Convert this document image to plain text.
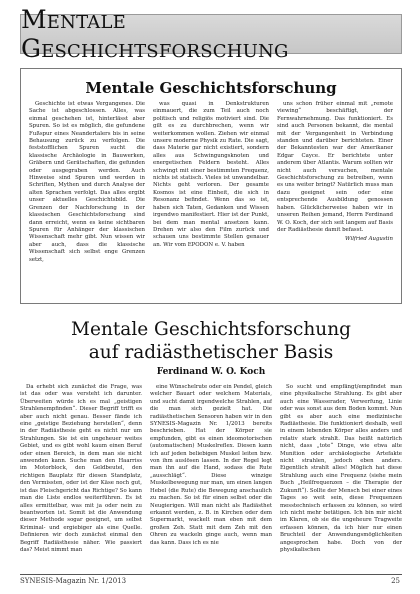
Mentale Geschichtsforschung
Mentale Geschichtsforschung

Geschichte ist etwas Vergangenes. Die Sache ist abgeschlossen. Alles, was einmal geschehen ist, hinterlässt aber Spuren. So ist es möglich, die gefundene Fußspur eines Neandertalers bis in seine Behausung zurück zu verfolgen. Die feststofflichen Spuren sucht die klassische Archäologie in Bauwerken, Gräbern und Gerätschaften, die gefunden oder ausgegraben werden. Auch Hinweise sind Spuren und werden in Schriften, Mythen und durch Analyse der alten Sprachen verfolgt. Das alles ergibt unser aktuelles Geschichtsbild. Die Grenzen der Nachforschung in der klassischen Geschichtsforschung sind dann erreicht, wenn es keine sichtbaren Spuren für Anhänger der klassischen Wissenschaft mehr gibt. Nun wissen wir aber auch, dass die klassische Wissenschaft sich selbst enge Grenzen setzt,

was quasi in Denkstrukturen einmauert, die zum Teil auch noch politisch und religiös motiviert sind. Die gilt es zu durchbrechen, wenn wir weiterkommen wollen. Ziehen wir einmal unsere moderne Physik zu Rate. Die sagt, dass Materie gar nicht existiert, sondern alles aus Schwingungsknoten und energetischen Feldern besteht. Alles schwingt mit einer bestimmten Frequenz, nichts ist statisch. Vieles ist unwandelbar. Nichts geht verloren. Der gesamte Kosmos ist eine Einheit, die sich in Resonanz befindet. Wenn das so ist, haben sich Taten, Gedanken und Wissen irgendwo manifestiert. Hier ist der Punkt, bei dem man mental ansetzen kann. Drehen wir also den Film zurück und schauen uns bestimmte Stellen genauer an. Wir vom EPODON e. V. haben

uns schon früher einmal mit „remote viewing“ beschäftigt, der Fernwahrnehmung. Das funktioniert. Es sind auch Personen bekannt, die mental mit der Vergangenheit in Verbindung standen und darüber berichteten. Einer der Bekanntesten war der Amerikaner Edgar Cayce. Er berichtete unter anderem über Atlantis. Warum sollten wir nicht auch versuchen, mentale Geschichtsforschung zu betreiben, wenn es uns weiter bringt? Natürlich muss man dazu geeignet sein oder eine entsprechende Ausbildung genossen haben. Glücklicherweise haben wir in unseren Reihen jemand, Herrn Ferdinand W. O. Koch, der sich seit langem auf Basis der Radiästhesie damit befasst.

Wilfried Augustin
Mentale Geschichtsforschung
auf radiästhetischer Basis
Ferdinand W. O. Koch

Da erhebt sich zunächst die Frage, was ist das oder was versteht ich darunter. Überweiten würde ich es mal „geistigen Strahlenempfinden“. Dieser Begriff trifft es aber auch nicht genau. Besser fände ich eine „geistige Beziehung herstellen“, denn in der Radiästhesie geht es nicht nur um Strahlungen. Sie ist ein ungeheuer weites Gebiet, und es gibt wohl kaum einen Beruf oder einen Bereich, in dem man sie nicht anwenden kann. Suche man den Haarriss im Motorblock, den Geldbeutel, den richtigen Bauplatz für diesen Standplatz, den Vermissten, oder ist der Käse noch gut, ist das Fleischgericht das Richtige? So kann man die Liste endlos weiterführen. Es ist alles ermittelbar, was mit ja oder nein zu beantworten ist. Somit ist die Anwendung dieser Methode sogar geeignet, um selbst Kriminal- und ergiebiger als eine Quelle. Definieren wir doch zunächst einmal den Begriff Radiästhesie näher. Wie passiert das? Meist nimmt man

eine Wünschelrute oder ein Pendel, gleich welcher Bauart oder welchem Materials, und sucht damit irgendwelche Strahlen, auf die man sich gezielt hat. Die radiästhetischen Sensoren haben wir in den SYNESIS-Magazin Nr. 1/2013 bereits beschrieben. Hat der Körper sie empfunden, gibt es einen ideomotorischen (automatischen) Muskelreflex. Diesen kann ich auf jeden beliebigen Muskel leiten bzw. von ihm auslösen lassen. In der Regel legt man ihn auf die Hand, sodass die Rute „ausschlägt“. Diese winzige Muskelbewegung nur man, um einen langen Hebel (die Rute) die Bewegung anschaulich zu machen. So ist für einen selbst oder die Neugierigen. Will man nicht als Radiästhet erkannt werden, z. B. in Kirchen oder dem Supermarkt, wackelt man eben mit dem großen Zeh. Statt mit dem Zeh mit den Ohren zu wackeln ginge auch, wenn man das kann. Dass ich es nie

So sucht und empfängt/empfindet man eine physikalische Strahlung. Es gibt aber auch eine Wasserader, Verwerfung, Linie oder was sonst aus dem Boden kommt. Nun gibt es aber auch eine medizinische Radiästhesie. Die funktioniert deshalb, weil in einem lebenden Körper alles anders und relativ stark strahlt. Das heißt natürlich nicht, dass „tote“ Dinge, wie etwa alte Munition oder archäologische Artefakte nicht strahlen, jedoch eben anders. Eigentlich strahlt alles! Möglich hat diese Strahlung auch eine Frequenz (siehe mein Buch „Heilfrequenzen – die Therapie der Zukunft“). Sollte der Mensch bei einer eines Tages so weit sein, diese Frequenzen messtechnisch erfassen zu können, so wird ich nicht mehr betätigen. Ich bin mir nicht im Klaren, ob sie die ungeheure Tragweite erfassen können, da ich hier nur einen Bruchteil der Anwendungsmöglichkeiten angesprochen habe. Doch von der physikalischen

SYNESIS-Magazin Nr. 1/2013	25
